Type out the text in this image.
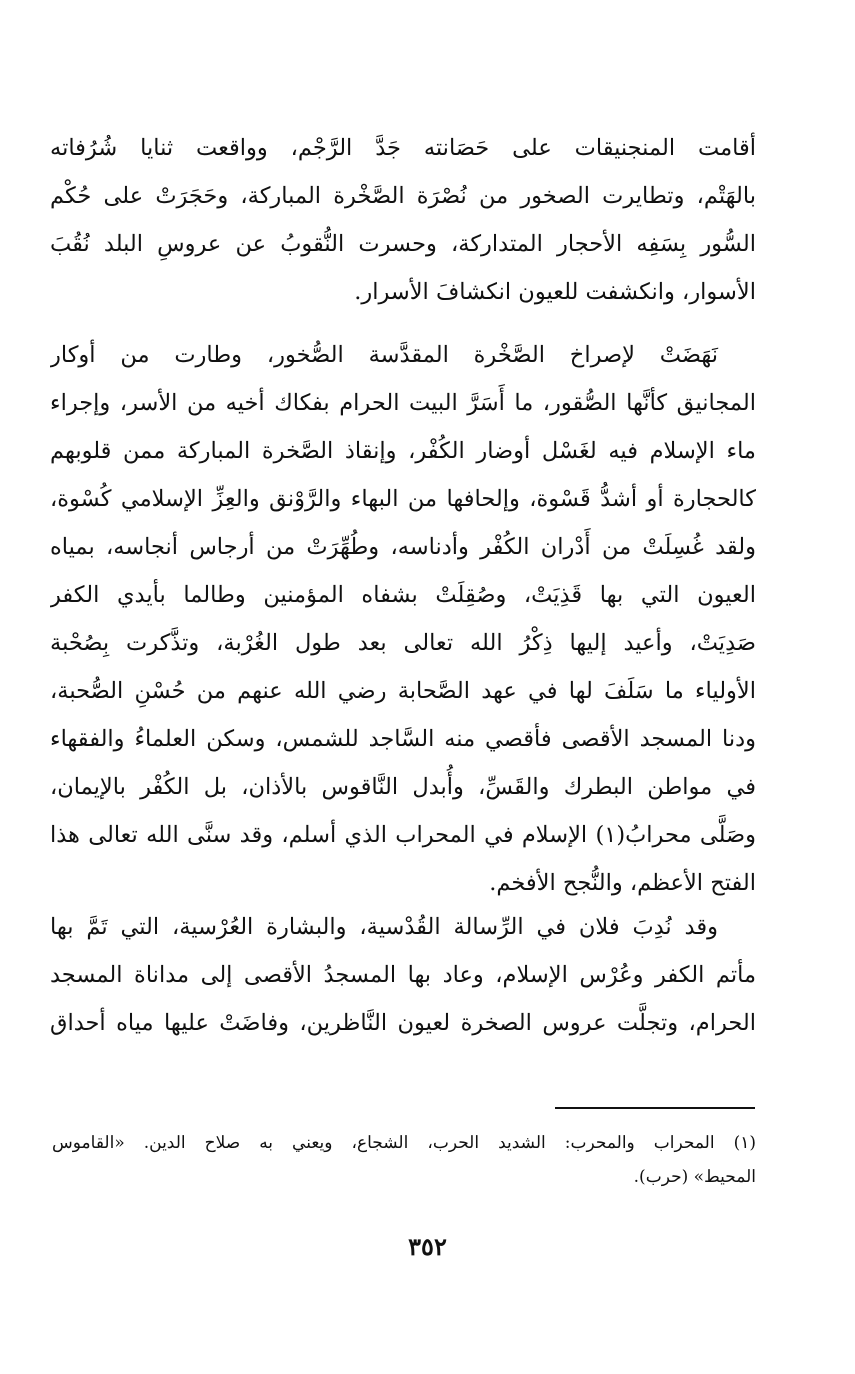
أقامت المنجنيقات على حَصَانته جَدَّ الرَّجْم، وواقعت ثنايا شُرُفاته
بالهَتْم، وتطايرت الصخور من نُصْرَة الصَّخْرة المباركة، وحَجَرَتْ على حُكْم
السُّور بِسَفِه الأحجار المتداركة، وحسرت النُّقوبُ عن عروسِ البلد نُقُبَ
الأسوار، وانكشفت للعيون انكشافَ الأسرار.
نَهَضَتْ لإصراخ الصَّخْرة المقدَّسة الصُّخور، وطارت من أوكار
المجانيق كأنَّها الصُّقور، ما أَسَرَّ البيت الحرام بفكاك أخيه من الأسر، وإجراء
ماء الإسلام فيه لغَسْل أوضار الكُفْر، وإنقاذ الصَّخرة المباركة ممن قلوبهم
كالحجارة أو أشدُّ قَسْوة، وإلحافها من البهاء والرَّوْنق والعِزِّ الإسلامي كُسْوة،
ولقد غُسِلَتْ من أَدْران الكُفْر وأدناسه، وطُهِّرَتْ من أرجاس أنجاسه، بمياه
العيون التي بها قَذِيَتْ، وصُقِلَتْ بشفاه المؤمنين وطالما بأيدي الكفر
صَدِيَتْ، وأعيد إليها ذِكْرُ الله تعالى بعد طول الغُرْبة، وتذَّكرت بِصُحْبة
الأولياء ما سَلَفَ لها في عهد الصَّحابة رضي الله عنهم من حُسْنِ الصُّحبة،
ودنا المسجد الأقصى فأقصي منه السَّاجد للشمس، وسكن العلماءُ والفقهاء
في مواطن البطرك والقَسِّ، وأُبدل النَّاقوس بالأذان، بل الكُفْر بالإيمان،
وصَلَّى محرابُ(١) الإسلام في المحراب الذي أسلم، وقد سنَّى الله تعالى هذا
الفتح الأعظم، والنُّجح الأفخم.
وقد نُدِبَ فلان في الرِّسالة القُدْسية، والبشارة العُرْسية، التي تَمَّ بها
مأتم الكفر وعُرْس الإسلام، وعاد بها المسجدُ الأقصى إلى مداناة المسجد
الحرام، وتجلَّت عروس الصخرة لعيون النَّاظرين، وفاضَتْ عليها مياه أحداق
(١) المحراب والمحرب: الشديد الحرب، الشجاع، ويعني به صلاح الدين. «القاموس
المحيط» (حرب).
٣٥٢
